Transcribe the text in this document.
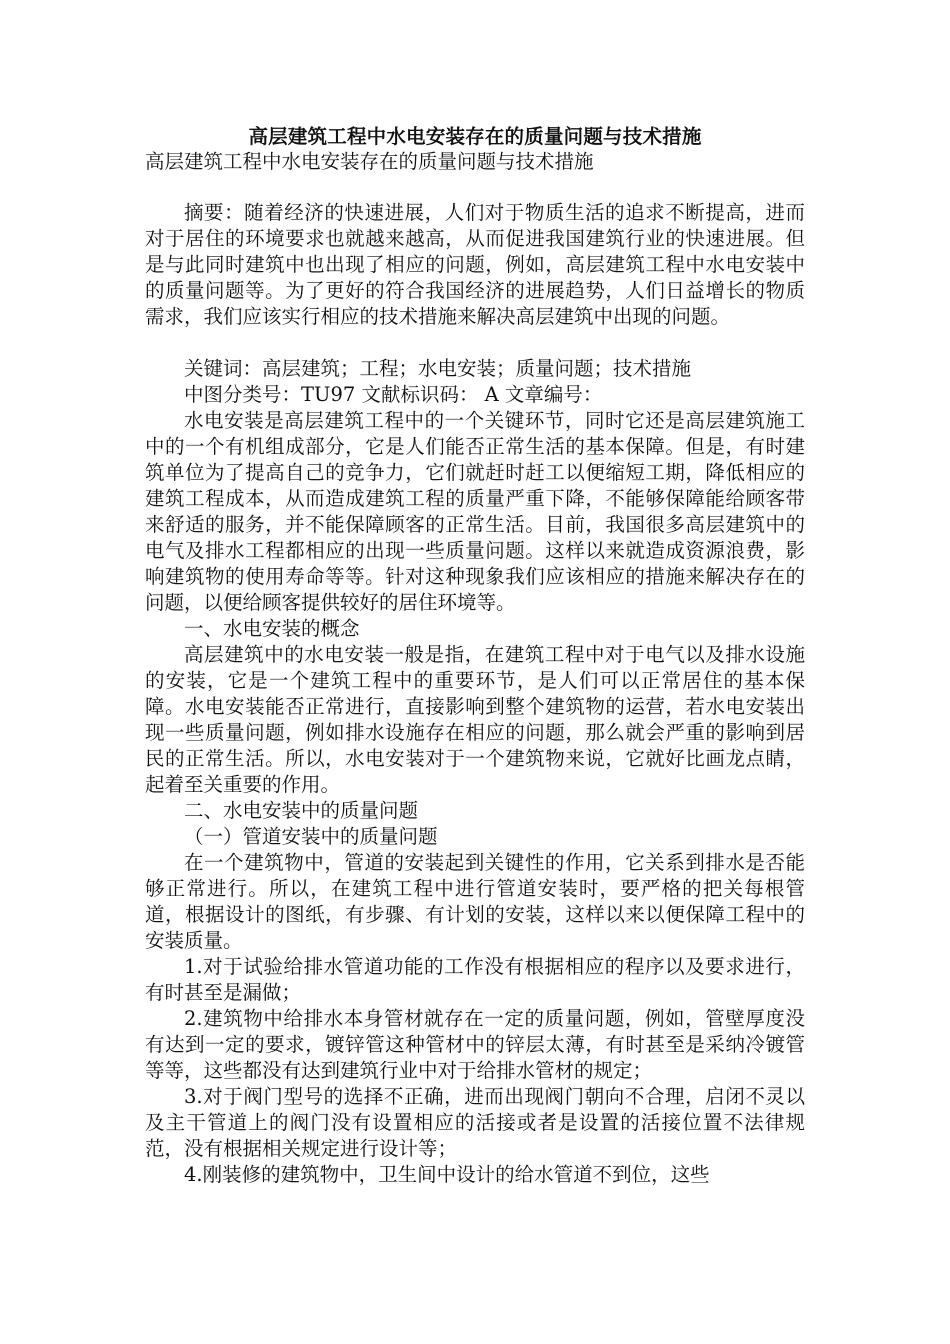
高层建筑工程中水电安装存在的质量问题与技术措施
高层建筑工程中水电安装存在的质量问题与技术措施

摘要：随着经济的快速进展，人们对于物质生活的追求不断提高，进而对于居住的环境要求也就越来越高，从而促进我国建筑行业的快速进展。但是与此同时建筑中也出现了相应的问题，例如，高层建筑工程中水电安装中的质量问题等。为了更好的符合我国经济的进展趋势，人们日益增长的物质需求，我们应该实行相应的技术措施来解决高层建筑中出现的问题。

关键词：高层建筑；工程；水电安装；质量问题；技术措施

中图分类号：TU97 文献标识码： A 文章编号：

水电安装是高层建筑工程中的一个关键环节，同时它还是高层建筑施工中的一个有机组成部分，它是人们能否正常生活的基本保障。但是，有时建筑单位为了提高自己的竞争力，它们就赶时赶工以便缩短工期，降低相应的建筑工程成本，从而造成建筑工程的质量严重下降，不能够保障能给顾客带来舒适的服务，并不能保障顾客的正常生活。目前，我国很多高层建筑中的电气及排水工程都相应的出现一些质量问题。这样以来就造成资源浪费，影响建筑物的使用寿命等等。针对这种现象我们应该相应的措施来解决存在的问题，以便给顾客提供较好的居住环境等。

一、水电安装的概念

高层建筑中的水电安装一般是指，在建筑工程中对于电气以及排水设施的安装，它是一个建筑工程中的重要环节，是人们可以正常居住的基本保障。水电安装能否正常进行，直接影响到整个建筑物的运营，若水电安装出现一些质量问题，例如排水设施存在相应的问题，那么就会严重的影响到居民的正常生活。所以，水电安装对于一个建筑物来说，它就好比画龙点睛，起着至关重要的作用。

二、水电安装中的质量问题

（一）管道安装中的质量问题

在一个建筑物中，管道的安装起到关键性的作用，它关系到排水是否能够正常进行。所以，在建筑工程中进行管道安装时，要严格的把关每根管道，根据设计的图纸，有步骤、有计划的安装，这样以来以便保障工程中的安装质量。

1.对于试验给排水管道功能的工作没有根据相应的程序以及要求进行，有时甚至是漏做；

2.建筑物中给排水本身管材就存在一定的质量问题，例如，管壁厚度没有达到一定的要求，镀锌管这种管材中的锌层太薄，有时甚至是采纳冷镀管等等，这些都没有达到建筑行业中对于给排水管材的规定；

3.对于阀门型号的选择不正确，进而出现阀门朝向不合理，启闭不灵以及主干管道上的阀门没有设置相应的活接或者是设置的活接位置不法律规范，没有根据相关规定进行设计等；

4.刚装修的建筑物中，卫生间中设计的给水管道不到位，这些
